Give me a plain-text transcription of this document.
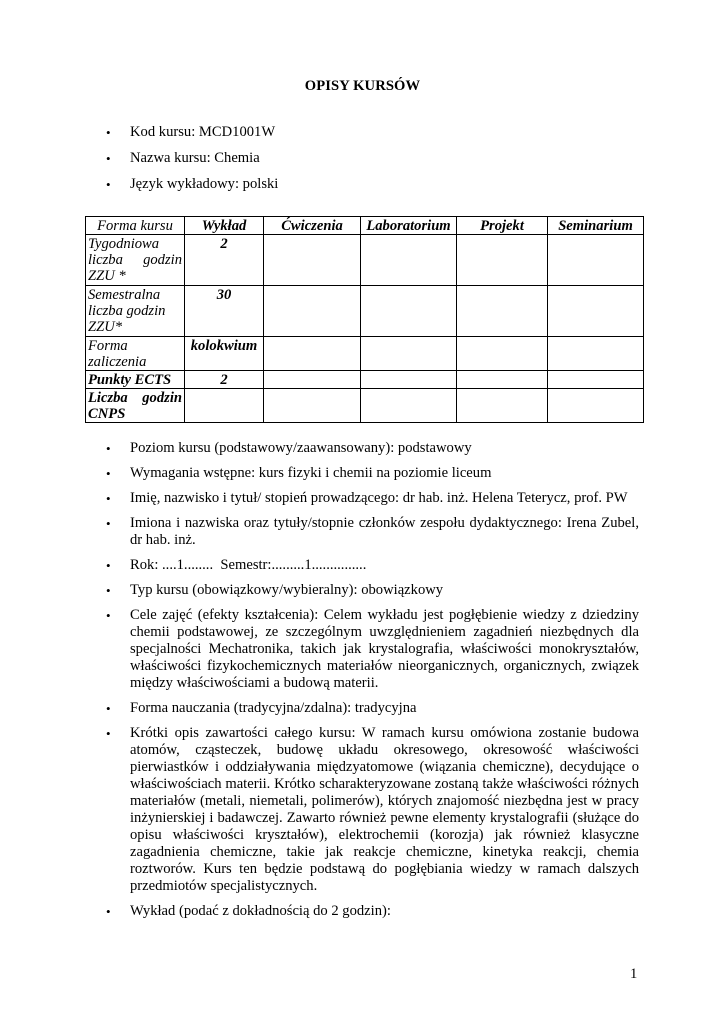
OPISY KURSÓW
• Kod kursu: MCD1001W
• Nazwa kursu: Chemia
• Język wykładowy: polski
Forma kursu	Wykład	Ćwiczenia	Laboratorium	Projekt	Seminarium
Tygodniowa liczba godzin ZZU *	2				
Semestralna liczba godzin ZZU*	30				
Forma zaliczenia	kolokwium				
Punkty ECTS	2				
Liczba godzin CNPS					
• Poziom kursu (podstawowy/zaawansowany): podstawowy
• Wymagania wstępne: kurs fizyki i chemii na poziomie liceum
• Imię, nazwisko i tytuł/ stopień prowadzącego: dr hab. inż. Helena Teterycz, prof. PW
• Imiona i nazwiska oraz tytuły/stopnie członków zespołu dydaktycznego: Irena Zubel, dr hab. inż.
• Rok: ....1........  Semestr:.........1...............
• Typ kursu (obowiązkowy/wybieralny): obowiązkowy
• Cele zajęć (efekty kształcenia): Celem wykładu jest pogłębienie wiedzy z dziedziny chemii podstawowej, ze szczególnym uwzględnieniem zagadnień niezbędnych dla specjalności Mechatronika, takich jak krystalografia, właściwości monokryształów, właściwości fizykochemicznych materiałów nieorganicznych, organicznych, związek między właściwościami a budową materii.
• Forma nauczania (tradycyjna/zdalna): tradycyjna
• Krótki opis zawartości całego kursu: W ramach kursu omówiona zostanie budowa atomów, cząsteczek, budowę układu okresowego, okresowość właściwości pierwiastków i oddziaływania międzyatomowe (wiązania chemiczne), decydujące o właściwościach materii. Krótko scharakteryzowane zostaną także właściwości różnych materiałów (metali, niemetali, polimerów), których znajomość niezbędna jest w pracy inżynierskiej i badawczej. Zawarto również pewne elementy krystalografii (służące do opisu właściwości kryształów), elektrochemii (korozja) jak również klasyczne zagadnienia chemiczne, takie jak reakcje chemiczne, kinetyka reakcji, chemia roztworów. Kurs ten będzie podstawą do pogłębiania wiedzy w ramach dalszych przedmiotów specjalistycznych.
• Wykład (podać z dokładnością do 2 godzin):
1
